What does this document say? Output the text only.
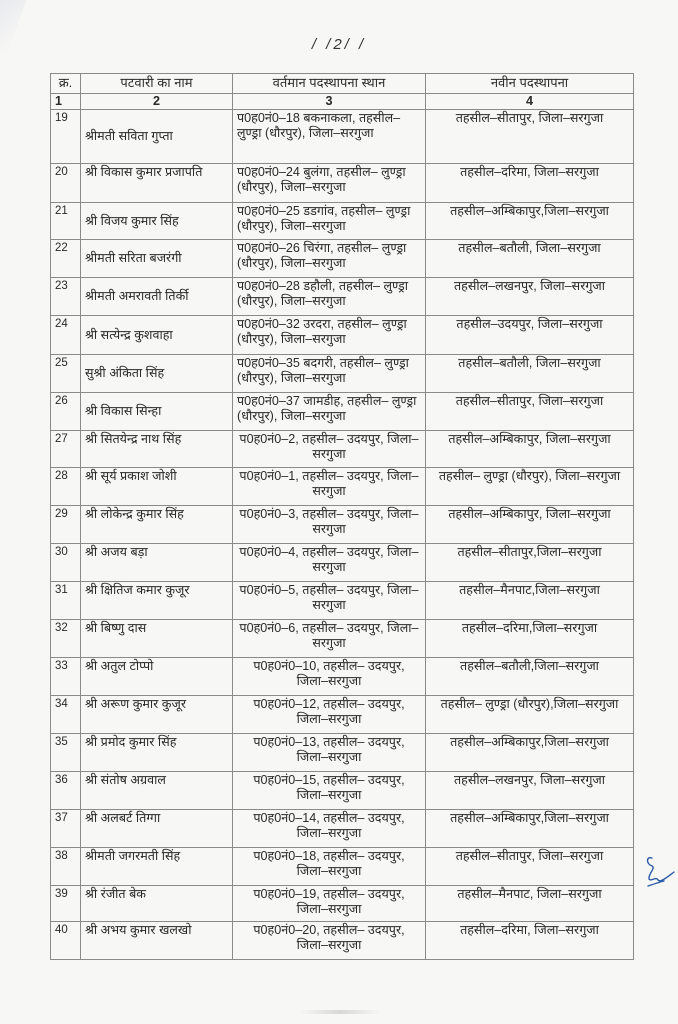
/ /2/ /
क्र.	पटवारी का नाम	वर्तमान पदस्थापना स्थान	नवीन पदस्थापना
1	2	3	4
19	श्रीमती सविता गुप्ता	प0ह0नं0–18 बकनाकला, तहसील– लुण्ड्रा (धौरपुर), जिला–सरगुजा	तहसील–सीतापुर, जिला–सरगुजा
20	श्री विकास कुमार प्रजापति	प0ह0नं0–24 बुलंगा, तहसील– लुण्ड्रा (धौरपुर), जिला–सरगुजा	तहसील–दरिमा, जिला–सरगुजा
21	श्री विजय कुमार सिंह	प0ह0नं0–25 डडगांव, तहसील– लुण्ड्रा (धौरपुर), जिला–सरगुजा	तहसील–अम्बिकापुर,जिला–सरगुजा
22	श्रीमती सरिता बजरंगी	प0ह0नं0–26 चिरंगा, तहसील– लुण्ड्रा (धौरपुर), जिला–सरगुजा	तहसील–बतौली, जिला–सरगुजा
23	श्रीमती अमरावती तिर्की	प0ह0नं0–28 डहौली, तहसील– लुण्ड्रा (धौरपुर), जिला–सरगुजा	तहसील–लखनपुर, जिला–सरगुजा
24	श्री सत्येन्द्र कुशवाहा	प0ह0नं0–32 उरदरा, तहसील– लुण्ड्रा (धौरपुर), जिला–सरगुजा	तहसील–उदयपुर, जिला–सरगुजा
25	सुश्री अंकिता सिंह	प0ह0नं0–35 बदगरी, तहसील– लुण्ड्रा (धौरपुर), जिला–सरगुजा	तहसील–बतौली, जिला–सरगुजा
26	श्री विकास सिन्हा	प0ह0नं0–37 जामडीह, तहसील– लुण्ड्रा (धौरपुर), जिला–सरगुजा	तहसील–सीतापुर, जिला–सरगुजा
27	श्री सितयेन्द्र नाथ सिंह	प0ह0नं0–2, तहसील– उदयपुर, जिला–सरगुजा	तहसील–अम्बिकापुर, जिला–सरगुजा
28	श्री सूर्य प्रकाश जोशी	प0ह0नं0–1, तहसील– उदयपुर, जिला–सरगुजा	तहसील– लुण्ड्रा (धौरपुर), जिला–सरगुजा
29	श्री लोकेन्द्र कुमार सिंह	प0ह0नं0–3, तहसील– उदयपुर, जिला–सरगुजा	तहसील–अम्बिकापुर, जिला–सरगुजा
30	श्री अजय बड़ा	प0ह0नं0–4, तहसील– उदयपुर, जिला–सरगुजा	तहसील–सीतापुर,जिला–सरगुजा
31	श्री क्षितिज कमार कुजूर	प0ह0नं0–5, तहसील– उदयपुर, जिला–सरगुजा	तहसील–मैनपाट,जिला–सरगुजा
32	श्री बिष्णु दास	प0ह0नं0–6, तहसील– उदयपुर, जिला–सरगुजा	तहसील–दरिमा,जिला–सरगुजा
33	श्री अतुल टोप्पो	प0ह0नं0–10, तहसील– उदयपुर, जिला–सरगुजा	तहसील–बतौली,जिला–सरगुजा
34	श्री अरूण कुमार कुजूर	प0ह0नं0–12, तहसील– उदयपुर, जिला–सरगुजा	तहसील– लुण्ड्रा (धौरपुर),जिला–सरगुजा
35	श्री प्रमोद कुमार सिंह	प0ह0नं0–13, तहसील– उदयपुर, जिला–सरगुजा	तहसील–अम्बिकापुर,जिला–सरगुजा
36	श्री संतोष अग्रवाल	प0ह0नं0–15, तहसील– उदयपुर, जिला–सरगुजा	तहसील–लखनपुर, जिला–सरगुजा
37	श्री अलबर्ट तिग्गा	प0ह0नं0–14, तहसील– उदयपुर, जिला–सरगुजा	तहसील–अम्बिकापुर,जिला–सरगुजा
38	श्रीमती जगरमती सिंह	प0ह0नं0–18, तहसील– उदयपुर, जिला–सरगुजा	तहसील–सीतापुर, जिला–सरगुजा
39	श्री रंजीत बेक	प0ह0नं0–19, तहसील– उदयपुर, जिला–सरगुजा	तहसील–मैनपाट, जिला–सरगुजा
40	श्री अभय कुमार खलखो	प0ह0नं0–20, तहसील– उदयपुर, जिला–सरगुजा	तहसील–दरिमा, जिला–सरगुजा
